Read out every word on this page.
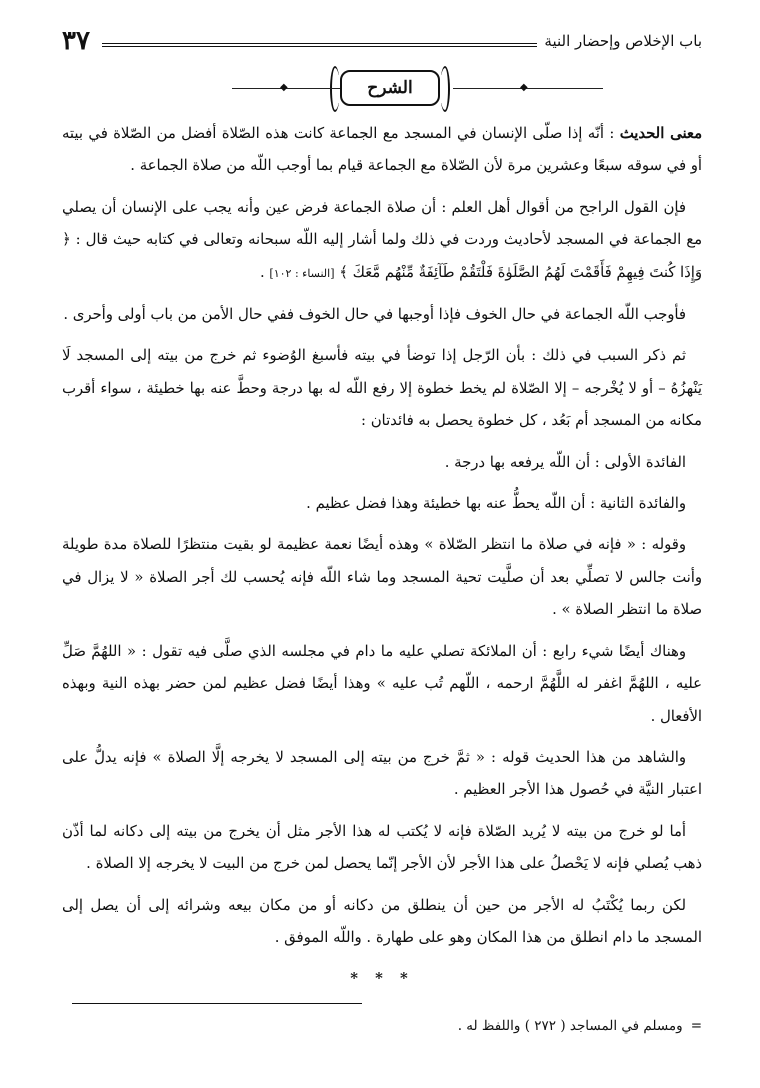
باب الإخلاص وإحضار النية
٣٧
◆
الشرح
◆

معنى الحديث : أنّه إذا صلّى الإنسان في المسجد مع الجماعة كانت هذه الصّلاة أفضل من الصّلاة في بيته أو في سوقه سبعًا وعشرين مرة لأن الصّلاة مع الجماعة قيام بما أوجب اللّه من صلاة الجماعة .

فإن القول الراجح من أقوال أهل العلم : أن صلاة الجماعة فرض عين وأنه يجب على الإنسان أن يصلي مع الجماعة في المسجد لأحاديث وردت في ذلك ولما أشار إليه اللّه سبحانه وتعالى في كتابه حيث قال : ﴿ وَإِذَا كُنتَ فِيهِمْ فَأَقَمْتَ لَهُمُ الصَّلَوٰةَ فَلْتَقُمْ طَآئِفَةٌ مِّنْهُم مَّعَكَ ﴾ [النساء : ١٠٢] .

فأوجب اللّه الجماعة في حال الخوف فإذا أوجبها في حال الخوف ففي حال الأمن من باب أولى وأحرى .

ثم ذكر السبب في ذلك : بأن الرّجل إذا توضأ في بيته فأسبغ الوُضوء ثم خرج من بيته إلى المسجد لَا يَنْهزُهُ – أو لا يُخْرجه – إلا الصّلاة لم يخط خطوة إلا رفع اللّه له بها درجة وحطَّ عنه بها خطيئة ، سواء أقرب مكانه من المسجد أم بَعُد ، كل خطوة يحصل به فائدتان :

الفائدة الأولى : أن اللّه يرفعه بها درجة .

والفائدة الثانية : أن اللّه يحطُّ عنه بها خطيئة وهذا فضل عظيم .

وقوله : « فإنه في صلاة ما انتظر الصّلاة » وهذه أيضًا نعمة عظيمة لو بقيت منتظرًا للصلاة مدة طويلة وأنت جالس لا تصلِّي بعد أن صلَّيت تحية المسجد وما شاء اللّه فإنه يُحسب لك أجر الصلاة « لا يزال في صلاة ما انتظر الصلاة » .

وهناك أيضًا شيء رابع : أن الملائكة تصلي عليه ما دام في مجلسه الذي صلَّى فيه تقول : « اللهُمَّ صَلِّ عليه ، اللهُمَّ اغفر له اللَّهُمَّ ارحمه ، اللّهم تُب عليه » وهذا أيضًا فضل عظيم لمن حضر بهذه النية وبهذه الأفعال .

والشاهد من هذا الحديث قوله : « ثمَّ خرج من بيته إلى المسجد لا يخرجه إلَّا الصلاة » فإنه يدلُّ على اعتبار النيَّة في حُصول هذا الأجر العظيم .

أما لو خرج من بيته لا يُريد الصّلاة فإنه لا يُكتب له هذا الأجر مثل أن يخرج من بيته إلى دكانه لما أذّن ذهب يُصلي فإنه لا يَحْصلُ على هذا الأجر لأن الأجر إنّما يحصل لمن خرج من البيت لا يخرجه إلا الصلاة .

لكن ربما يُكْتَبُ له الأجر من حين أن ينطلق من دكانه أو من مكان بيعه وشرائه إلى أن يصل إلى المسجد ما دام انطلق من هذا المكان وهو على طهارة . واللّه الموفق .

* * *

=ومسلم في المساجد ( ٢٧٢ ) واللفظ له .
